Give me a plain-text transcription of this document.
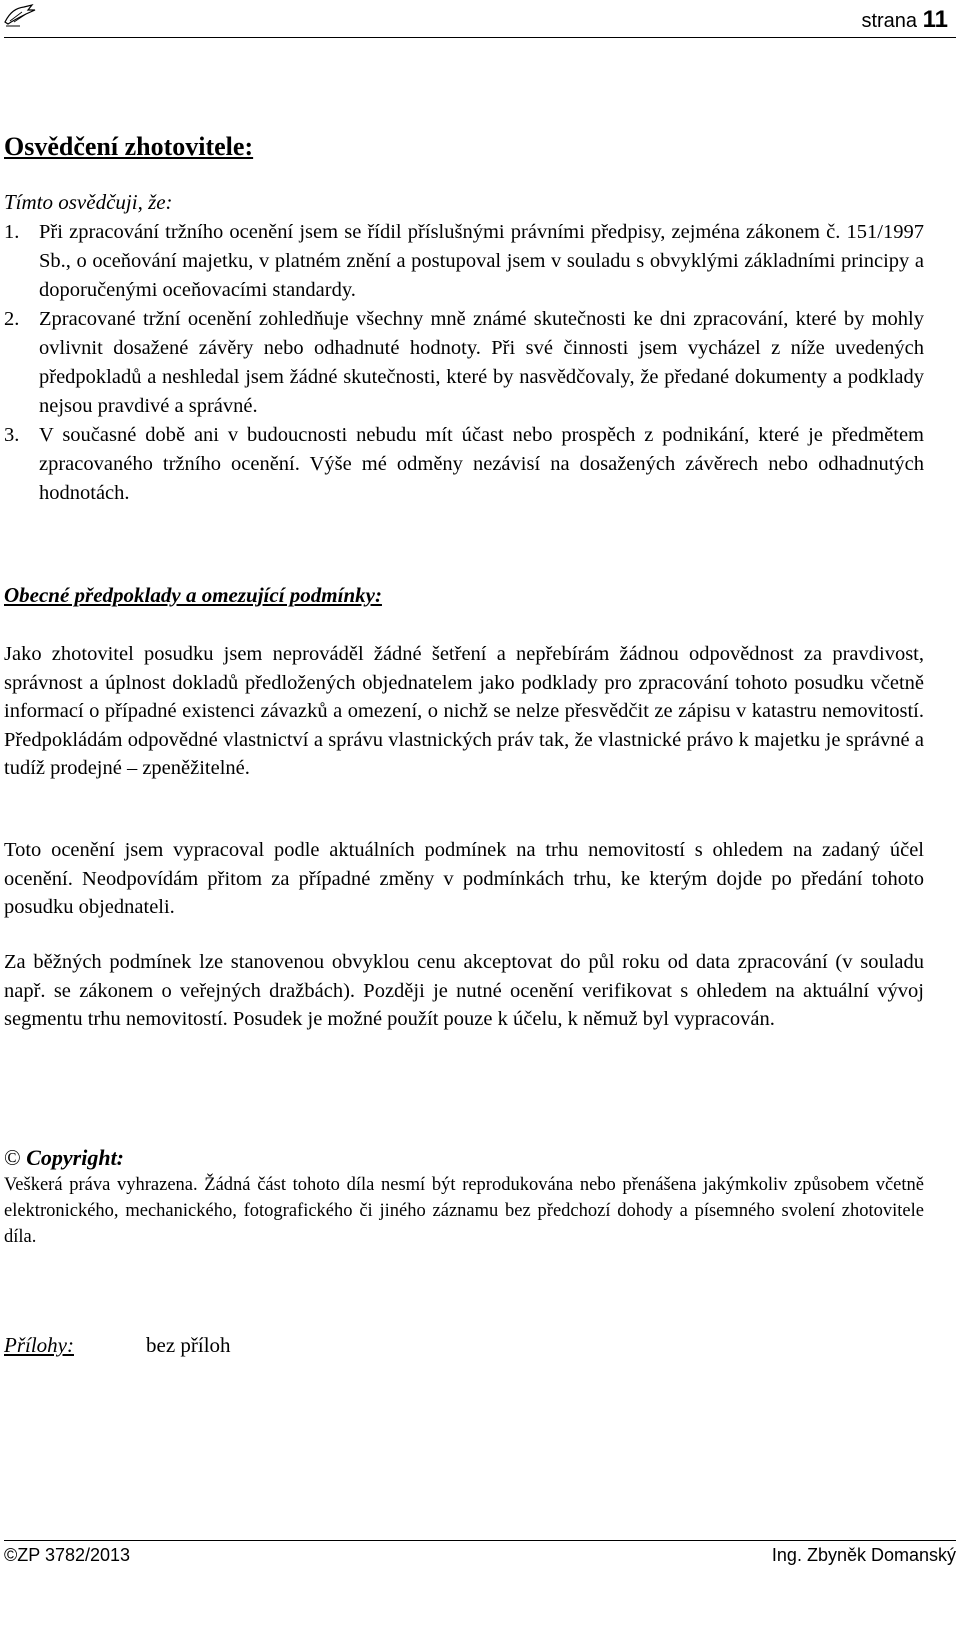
strana 11
Osvědčení zhotovitele:

Tímto osvědčuji, že:

1. Při zpracování tržního ocenění jsem se řídil příslušnými právními předpisy, zejména zákonem č. 151/1997 Sb., o oceňování majetku, v platném znění a postupoval jsem v souladu s obvyklými základními principy a doporučenými oceňovacími standardy.
2. Zpracované tržní ocenění zohledňuje všechny mně známé skutečnosti ke dni zpracování, které by mohly ovlivnit dosažené závěry nebo odhadnuté hodnoty. Při své činnosti jsem vycházel z níže uvedených předpokladů a neshledal jsem žádné skutečnosti, které by nasvědčovaly, že předané dokumenty a podklady nejsou pravdivé a správné.
3. V současné době ani v budoucnosti nebudu mít účast nebo prospěch z podnikání, které je předmětem zpracovaného tržního ocenění. Výše mé odměny nezávisí na dosažených závěrech nebo odhadnutých hodnotách.
Obecné předpoklady a omezující podmínky:

Jako zhotovitel posudku jsem neprováděl žádné šetření a nepřebírám žádnou odpovědnost za pravdivost, správnost a úplnost dokladů předložených objednatelem jako podklady pro zpracování tohoto posudku včetně informací o případné existenci závazků a omezení, o nichž se nelze přesvědčit ze zápisu v katastru nemovitostí. Předpokládám odpovědné vlastnictví a správu vlastnických práv tak, že vlastnické právo k majetku je správné a tudíž prodejné – zpeněžitelné.

Toto ocenění jsem vypracoval podle aktuálních podmínek na trhu nemovitostí s ohledem na zadaný účel ocenění. Neodpovídám přitom za případné změny v podmínkách trhu, ke kterým dojde po předání tohoto posudku objednateli.

Za běžných podmínek lze stanovenou obvyklou cenu akceptovat do půl roku od data zpracování (v souladu např. se zákonem o veřejných dražbách). Později je nutné ocenění verifikovat s ohledem na aktuální vývoj segmentu trhu nemovitostí. Posudek je možné použít pouze k účelu, k němuž byl vypracován.

© Copyright:

Veškerá práva vyhrazena. Žádná část tohoto díla nesmí být reprodukována nebo přenášena jakýmkoliv způsobem včetně elektronického, mechanického, fotografického či jiného záznamu bez předchozí dohody a písemného svolení zhotovitele díla.

Přílohy:	bez příloh

©ZP 3782/2013	Ing. Zbyněk Domanský
